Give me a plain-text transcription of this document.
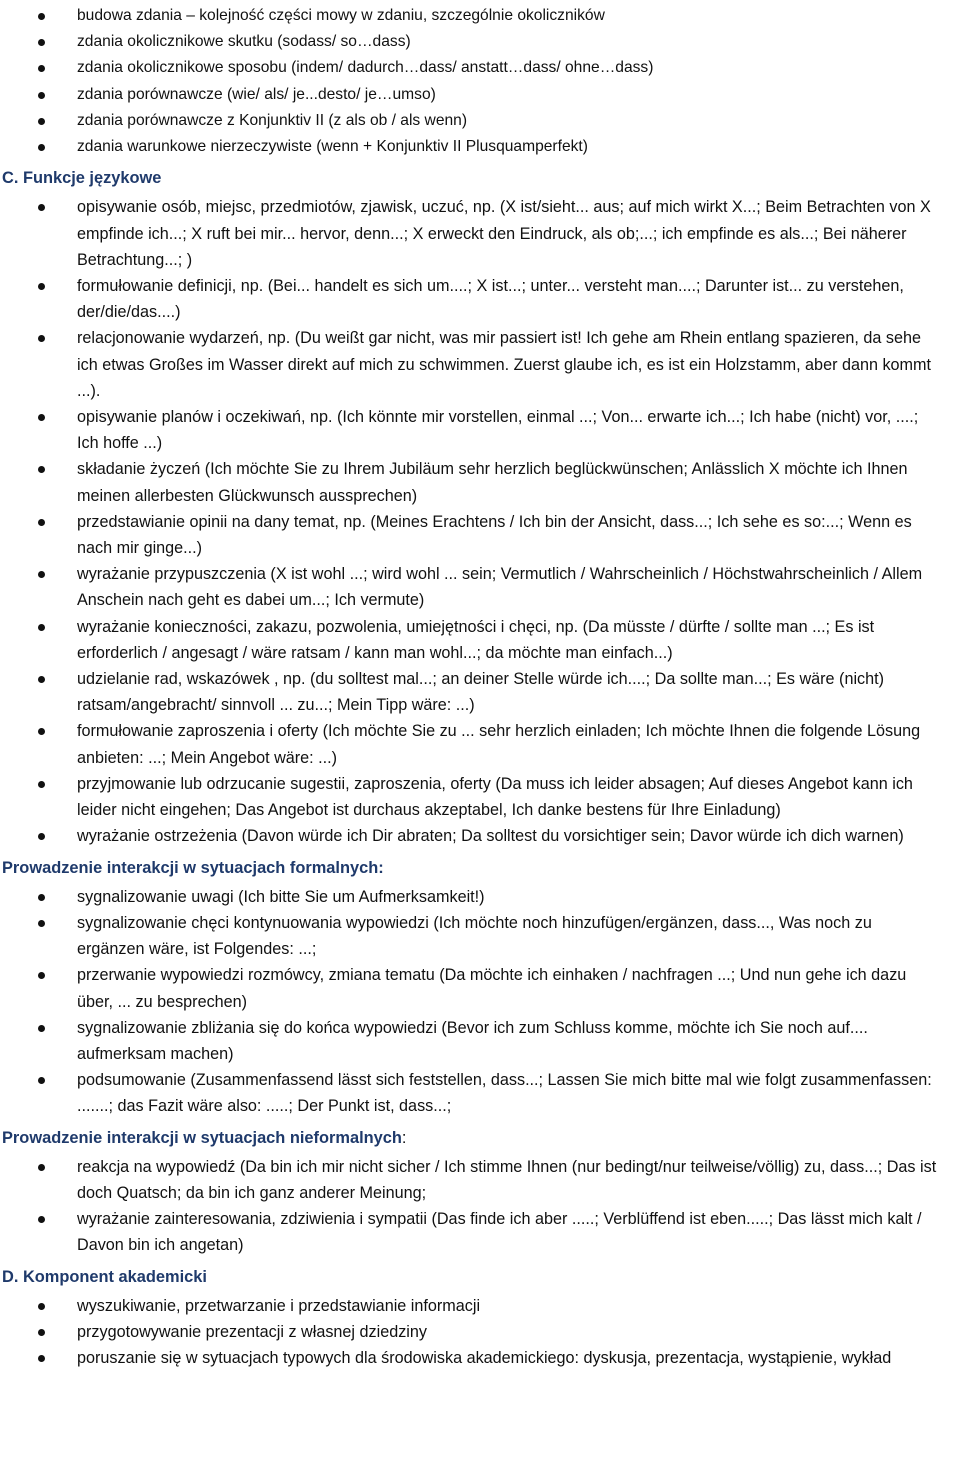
budowa zdania – kolejność części mowy w zdaniu, szczególnie okoliczników
zdania okolicznikowe skutku (sodass/ so…dass)
zdania okolicznikowe sposobu (indem/ dadurch…dass/ anstatt…dass/ ohne…dass)
zdania porównawcze (wie/ als/ je...desto/ je…umso)
zdania porównawcze z Konjunktiv II (z als ob / als wenn)
zdania warunkowe nierzeczywiste (wenn + Konjunktiv II Plusquamperfekt)
C. Funkcje językowe
opisywanie osób, miejsc, przedmiotów, zjawisk, uczuć, np. (X ist/sieht... aus; auf mich wirkt X...; Beim Betrachten von X empfinde ich...; X ruft bei mir... hervor, denn...; X erweckt den Eindruck, als ob;...; ich empfinde es als...; Bei näherer Betrachtung...; )
formułowanie definicji, np. (Bei... handelt es sich um....; X ist...; unter... versteht man....; Darunter ist... zu verstehen, der/die/das....)
relacjonowanie wydarzeń, np. (Du weißt gar nicht, was mir passiert ist! Ich gehe am Rhein entlang spazieren, da sehe ich etwas Großes im Wasser direkt auf mich zu schwimmen. Zuerst glaube ich, es ist ein Holzstamm, aber dann kommt ...).
opisywanie planów i oczekiwań, np. (Ich könnte mir vorstellen, einmal ...; Von... erwarte ich...; Ich habe (nicht) vor, ....; Ich hoffe ...)
składanie życzeń (Ich möchte Sie zu Ihrem Jubiläum sehr herzlich beglückwünschen; Anlässlich X möchte ich Ihnen meinen allerbesten Glückwunsch aussprechen)
przedstawianie opinii na dany temat, np. (Meines Erachtens / Ich bin der Ansicht, dass...; Ich sehe es so:...; Wenn es nach mir ginge...)
wyrażanie przypuszczenia (X ist wohl ...; wird wohl ... sein; Vermutlich / Wahrscheinlich / Höchstwahrscheinlich / Allem Anschein nach geht es dabei um...; Ich vermute)
wyrażanie konieczności, zakazu, pozwolenia, umiejętności i chęci, np. (Da müsste / dürfte / sollte man ...; Es ist erforderlich / angesagt / wäre ratsam / kann man wohl...; da möchte man einfach...)
udzielanie rad, wskazówek , np. (du solltest mal...; an deiner Stelle würde ich....; Da sollte man...; Es wäre (nicht) ratsam/angebracht/ sinnvoll ... zu...; Mein Tipp wäre: ...)
formułowanie zaproszenia i oferty (Ich möchte Sie zu ... sehr herzlich einladen; Ich möchte Ihnen die folgende Lösung anbieten: ...; Mein Angebot wäre: ...)
przyjmowanie lub odrzucanie sugestii, zaproszenia, oferty (Da muss ich leider absagen; Auf dieses Angebot kann ich leider nicht eingehen; Das Angebot ist durchaus akzeptabel, Ich danke bestens für Ihre Einladung)
wyrażanie ostrzeżenia (Davon würde ich Dir abraten; Da solltest du vorsichtiger sein; Davor würde ich dich warnen)
Prowadzenie interakcji w sytuacjach formalnych:
sygnalizowanie uwagi (Ich bitte Sie um Aufmerksamkeit!)
sygnalizowanie chęci kontynuowania wypowiedzi (Ich möchte noch hinzufügen/ergänzen, dass..., Was noch zu ergänzen wäre, ist Folgendes: ...;
przerwanie wypowiedzi rozmówcy, zmiana tematu (Da möchte ich einhaken / nachfragen ...; Und nun gehe ich dazu über, ... zu besprechen)
sygnalizowanie zbliżania się do końca wypowiedzi (Bevor ich zum Schluss komme, möchte ich Sie noch auf.... aufmerksam machen)
podsumowanie (Zusammenfassend lässt sich feststellen, dass...; Lassen Sie mich bitte mal wie folgt zusammenfassen: .......; das Fazit wäre also: .....; Der Punkt ist, dass...;
Prowadzenie interakcji w sytuacjach nieformalnych:
reakcja na wypowiedź (Da bin ich mir nicht sicher / Ich stimme Ihnen (nur bedingt/nur teilweise/völlig) zu, dass...; Das ist doch Quatsch; da bin ich ganz anderer Meinung;
wyrażanie zainteresowania, zdziwienia i sympatii (Das finde ich aber .....; Verblüffend ist eben.....; Das lässt mich kalt / Davon bin ich angetan)
D. Komponent akademicki
wyszukiwanie, przetwarzanie i przedstawianie informacji
przygotowywanie prezentacji z własnej dziedziny
poruszanie się w sytuacjach typowych dla środowiska akademickiego: dyskusja, prezentacja, wystąpienie, wykład
